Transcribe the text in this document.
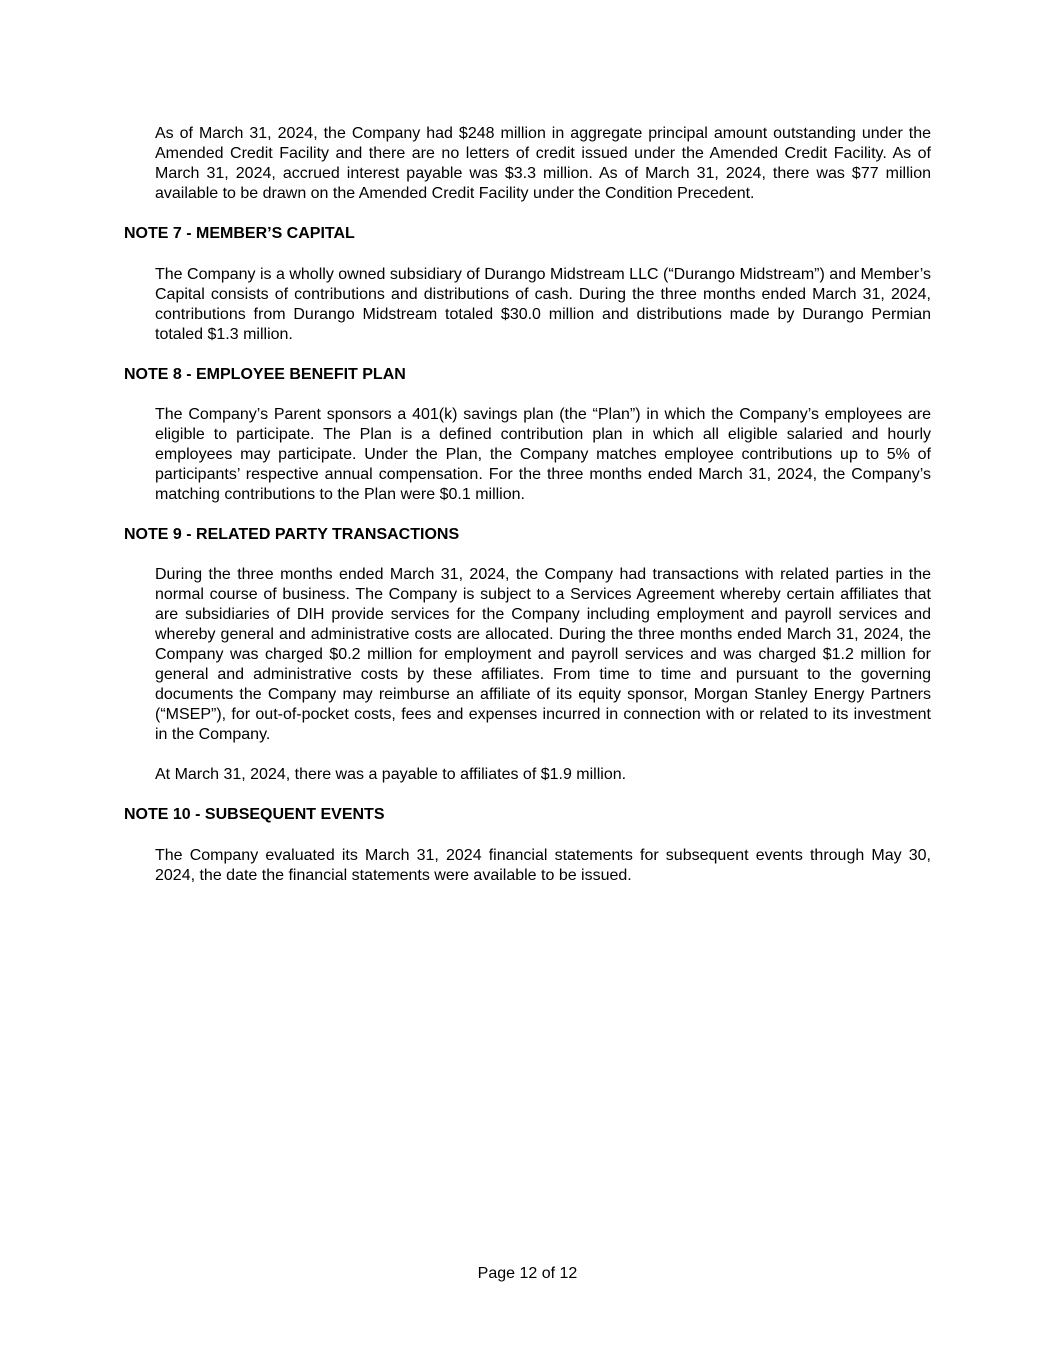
As of March 31, 2024, the Company had $248 million in aggregate principal amount outstanding under the Amended Credit Facility and there are no letters of credit issued under the Amended Credit Facility. As of March 31, 2024, accrued interest payable was $3.3 million. As of March 31, 2024, there was $77 million available to be drawn on the Amended Credit Facility under the Condition Precedent.

NOTE 7 - MEMBER’S CAPITAL

The Company is a wholly owned subsidiary of Durango Midstream LLC (“Durango Midstream”) and Member’s Capital consists of contributions and distributions of cash. During the three months ended March 31, 2024, contributions from Durango Midstream totaled $30.0 million and distributions made by Durango Permian totaled $1.3 million.

NOTE 8 - EMPLOYEE BENEFIT PLAN

The Company’s Parent sponsors a 401(k) savings plan (the “Plan”) in which the Company’s employees are eligible to participate. The Plan is a defined contribution plan in which all eligible salaried and hourly employees may participate. Under the Plan, the Company matches employee contributions up to 5% of participants’ respective annual compensation. For the three months ended March 31, 2024, the Company’s matching contributions to the Plan were $0.1 million.

NOTE 9 - RELATED PARTY TRANSACTIONS

During the three months ended March 31, 2024, the Company had transactions with related parties in the normal course of business. The Company is subject to a Services Agreement whereby certain affiliates that are subsidiaries of DIH provide services for the Company including employment and payroll services and whereby general and administrative costs are allocated. During the three months ended March 31, 2024, the Company was charged $0.2 million for employment and payroll services and was charged $1.2 million for general and administrative costs by these affiliates. From time to time and pursuant to the governing documents the Company may reimburse an affiliate of its equity sponsor, Morgan Stanley Energy Partners (“MSEP”), for out-of-pocket costs, fees and expenses incurred in connection with or related to its investment in the Company.

At March 31, 2024, there was a payable to affiliates of $1.9 million.

NOTE 10 - SUBSEQUENT EVENTS

The Company evaluated its March 31, 2024 financial statements for subsequent events through May 30, 2024, the date the financial statements were available to be issued.

Page 12 of 12
